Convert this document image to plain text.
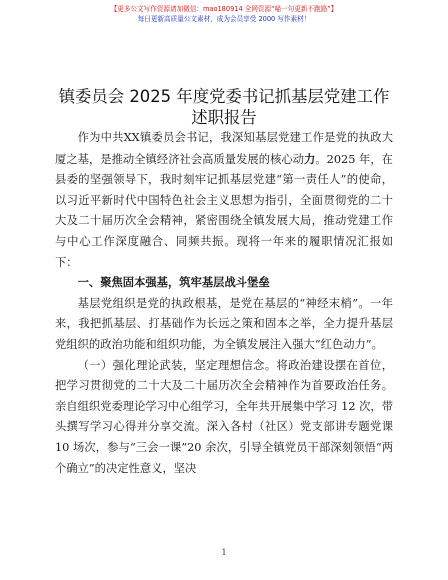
【更多公文写作资源请加微信：mao180914 全网资源“喵一句更新不跑路”】
每日更新高质量公文素材，成为会员享受 2000 写作素材！
镇委员会 2025 年度党委书记抓基层党建工作述职报告

作为中共XX镇委员会书记，我深知基层党建工作是党的执政大厦之基，是推动全镇经济社会高质量发展的核心动力。2025 年，在县委的坚强领导下，我时刻牢记抓基层党建“第一责任人”的使命，以习近平新时代中国特色社会主义思想为指引，全面贯彻党的二十大及二十届历次全会精神，紧密围绕全镇发展大局，推动党建工作与中心工作深度融合、同频共振。现将一年来的履职情况汇报如下：

一、聚焦固本强基，筑牢基层战斗堡垒

基层党组织是党的执政根基，是党在基层的“神经末梢”。一年来，我把抓基层、打基础作为长远之策和固本之举，全力提升基层党组织的政治功能和组织功能，为全镇发展注入强大“红色动力”。

（一）强化理论武装，坚定理想信念。将政治建设摆在首位，把学习贯彻党的二十大及二十届历次全会精神作为首要政治任务。亲自组织党委理论学习中心组学习，全年共开展集中学习 12 次，带头撰写学习心得并分享交流。深入各村（社区）党支部讲专题党课 10 场次，参与“三会一课”20 余次，引导全镇党员干部深刻领悟“两个确立”的决定性意义，坚决

1
